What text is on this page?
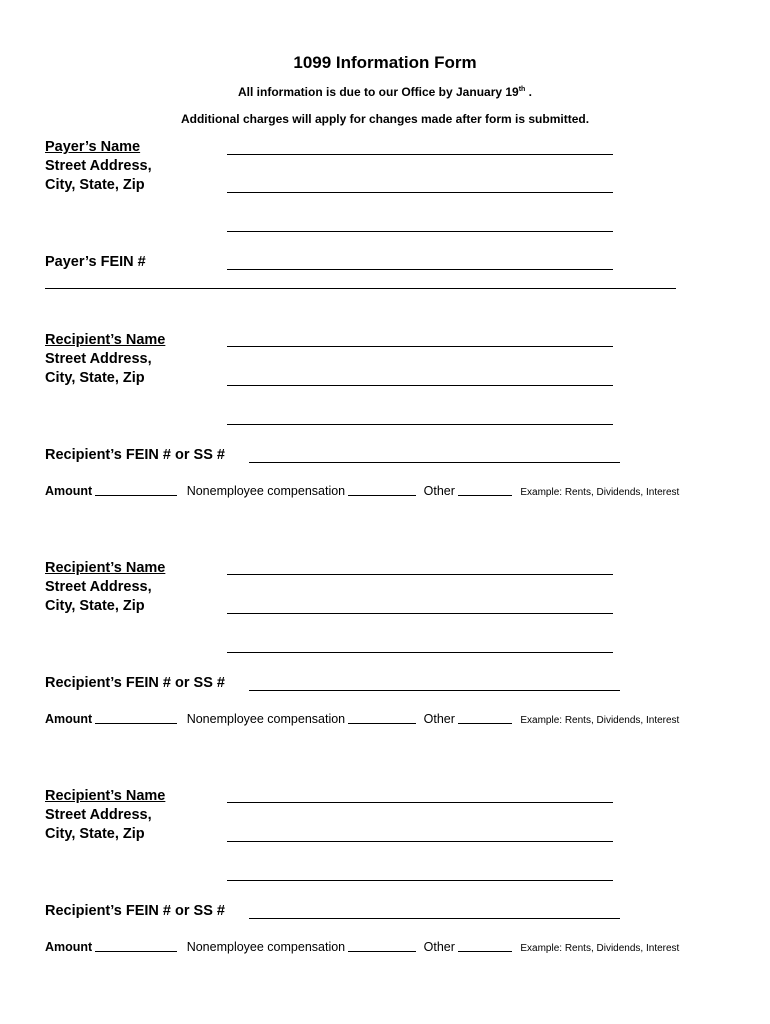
1099 Information Form
All information is due to our Office by January 19th .
Additional charges will apply for changes made after form is submitted.
Payer’s Name
Street Address,
City, State, Zip
Payer’s FEIN #
Recipient’s Name
Street Address,
City, State, Zip
Recipient’s FEIN # or SS #
Amount	Nonemployee compensation	Other	Example: Rents, Dividends, Interest
Recipient’s Name
Street Address,
City, State, Zip
Recipient’s FEIN # or SS #
Amount	Nonemployee compensation	Other	Example: Rents, Dividends, Interest
Recipient’s Name
Street Address,
City, State, Zip
Recipient’s FEIN # or SS #
Amount	Nonemployee compensation	Other	Example: Rents, Dividends, Interest
